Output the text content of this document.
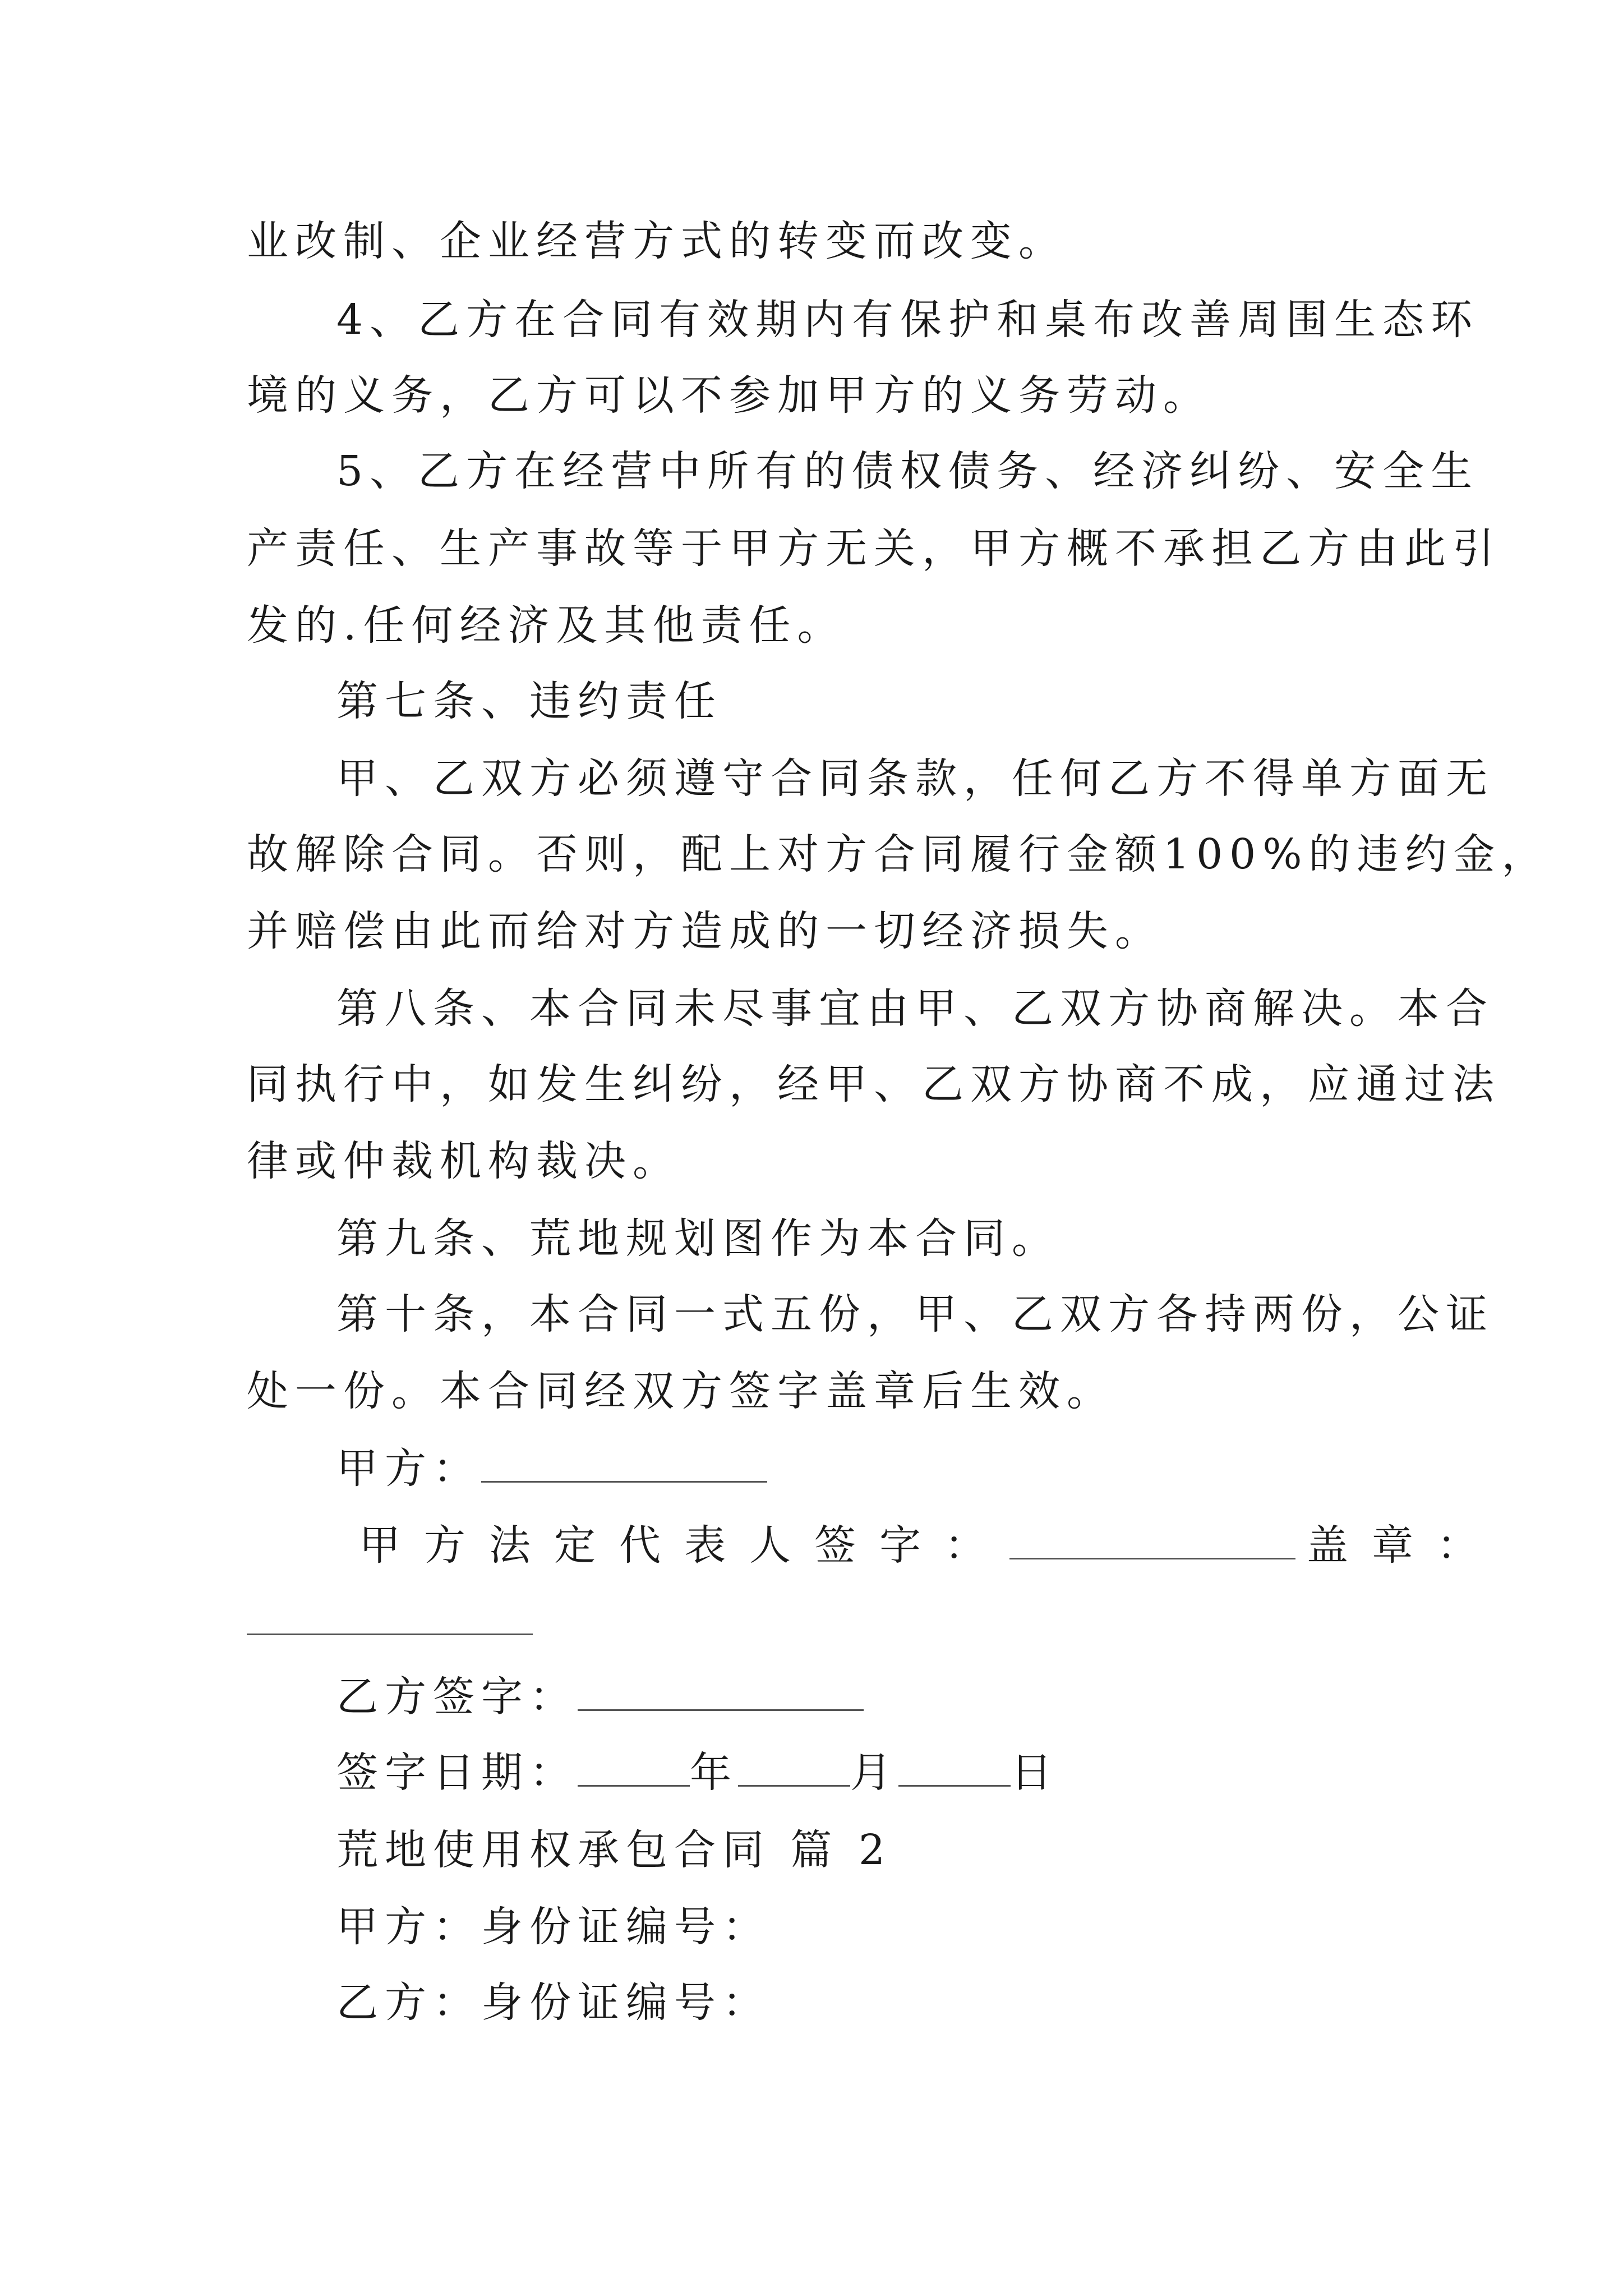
业改制、企业经营方式的转变而改变。
4、乙方在合同有效期内有保护和桌布改善周围生态环
境的义务，乙方可以不参加甲方的义务劳动。
5、乙方在经营中所有的债权债务、经济纠纷、安全生
产责任、生产事故等于甲方无关，甲方概不承担乙方由此引
发的.任何经济及其他责任。
第七条、违约责任
甲、乙双方必须遵守合同条款，任何乙方不得单方面无
故解除合同。否则，配上对方合同履行金额100%的违约金，
并赔偿由此而给对方造成的一切经济损失。
第八条、本合同未尽事宜由甲、乙双方协商解决。本合
同执行中，如发生纠纷，经甲、乙双方协商不成，应通过法
律或仲裁机构裁决。
第九条、荒地规划图作为本合同。
第十条，本合同一式五份，甲、乙双方各持两份，公证
处一份。本合同经双方签字盖章后生效。
甲方：
甲方法定代表人签字：	盖章：
乙方签字：
签字日期：	年	月	日
荒地使用权承包合同 篇 2
甲方：身份证编号：
乙方：身份证编号：
